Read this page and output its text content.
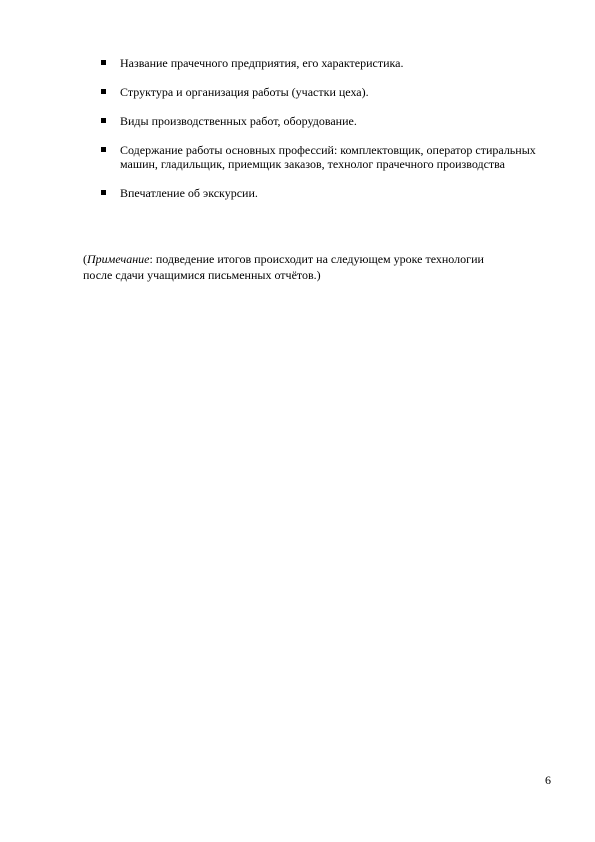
Название прачечного предприятия, его характеристика.
Структура и организация работы (участки цеха).
Виды производственных работ, оборудование.
Содержание работы основных профессий: комплектовщик, оператор стиральных машин, гладильщик, приемщик заказов, технолог прачечного производства
Впечатление об экскурсии.

(Примечание: подведение итогов происходит на следующем уроке технологии после сдачи учащимися письменных отчётов.)

6
